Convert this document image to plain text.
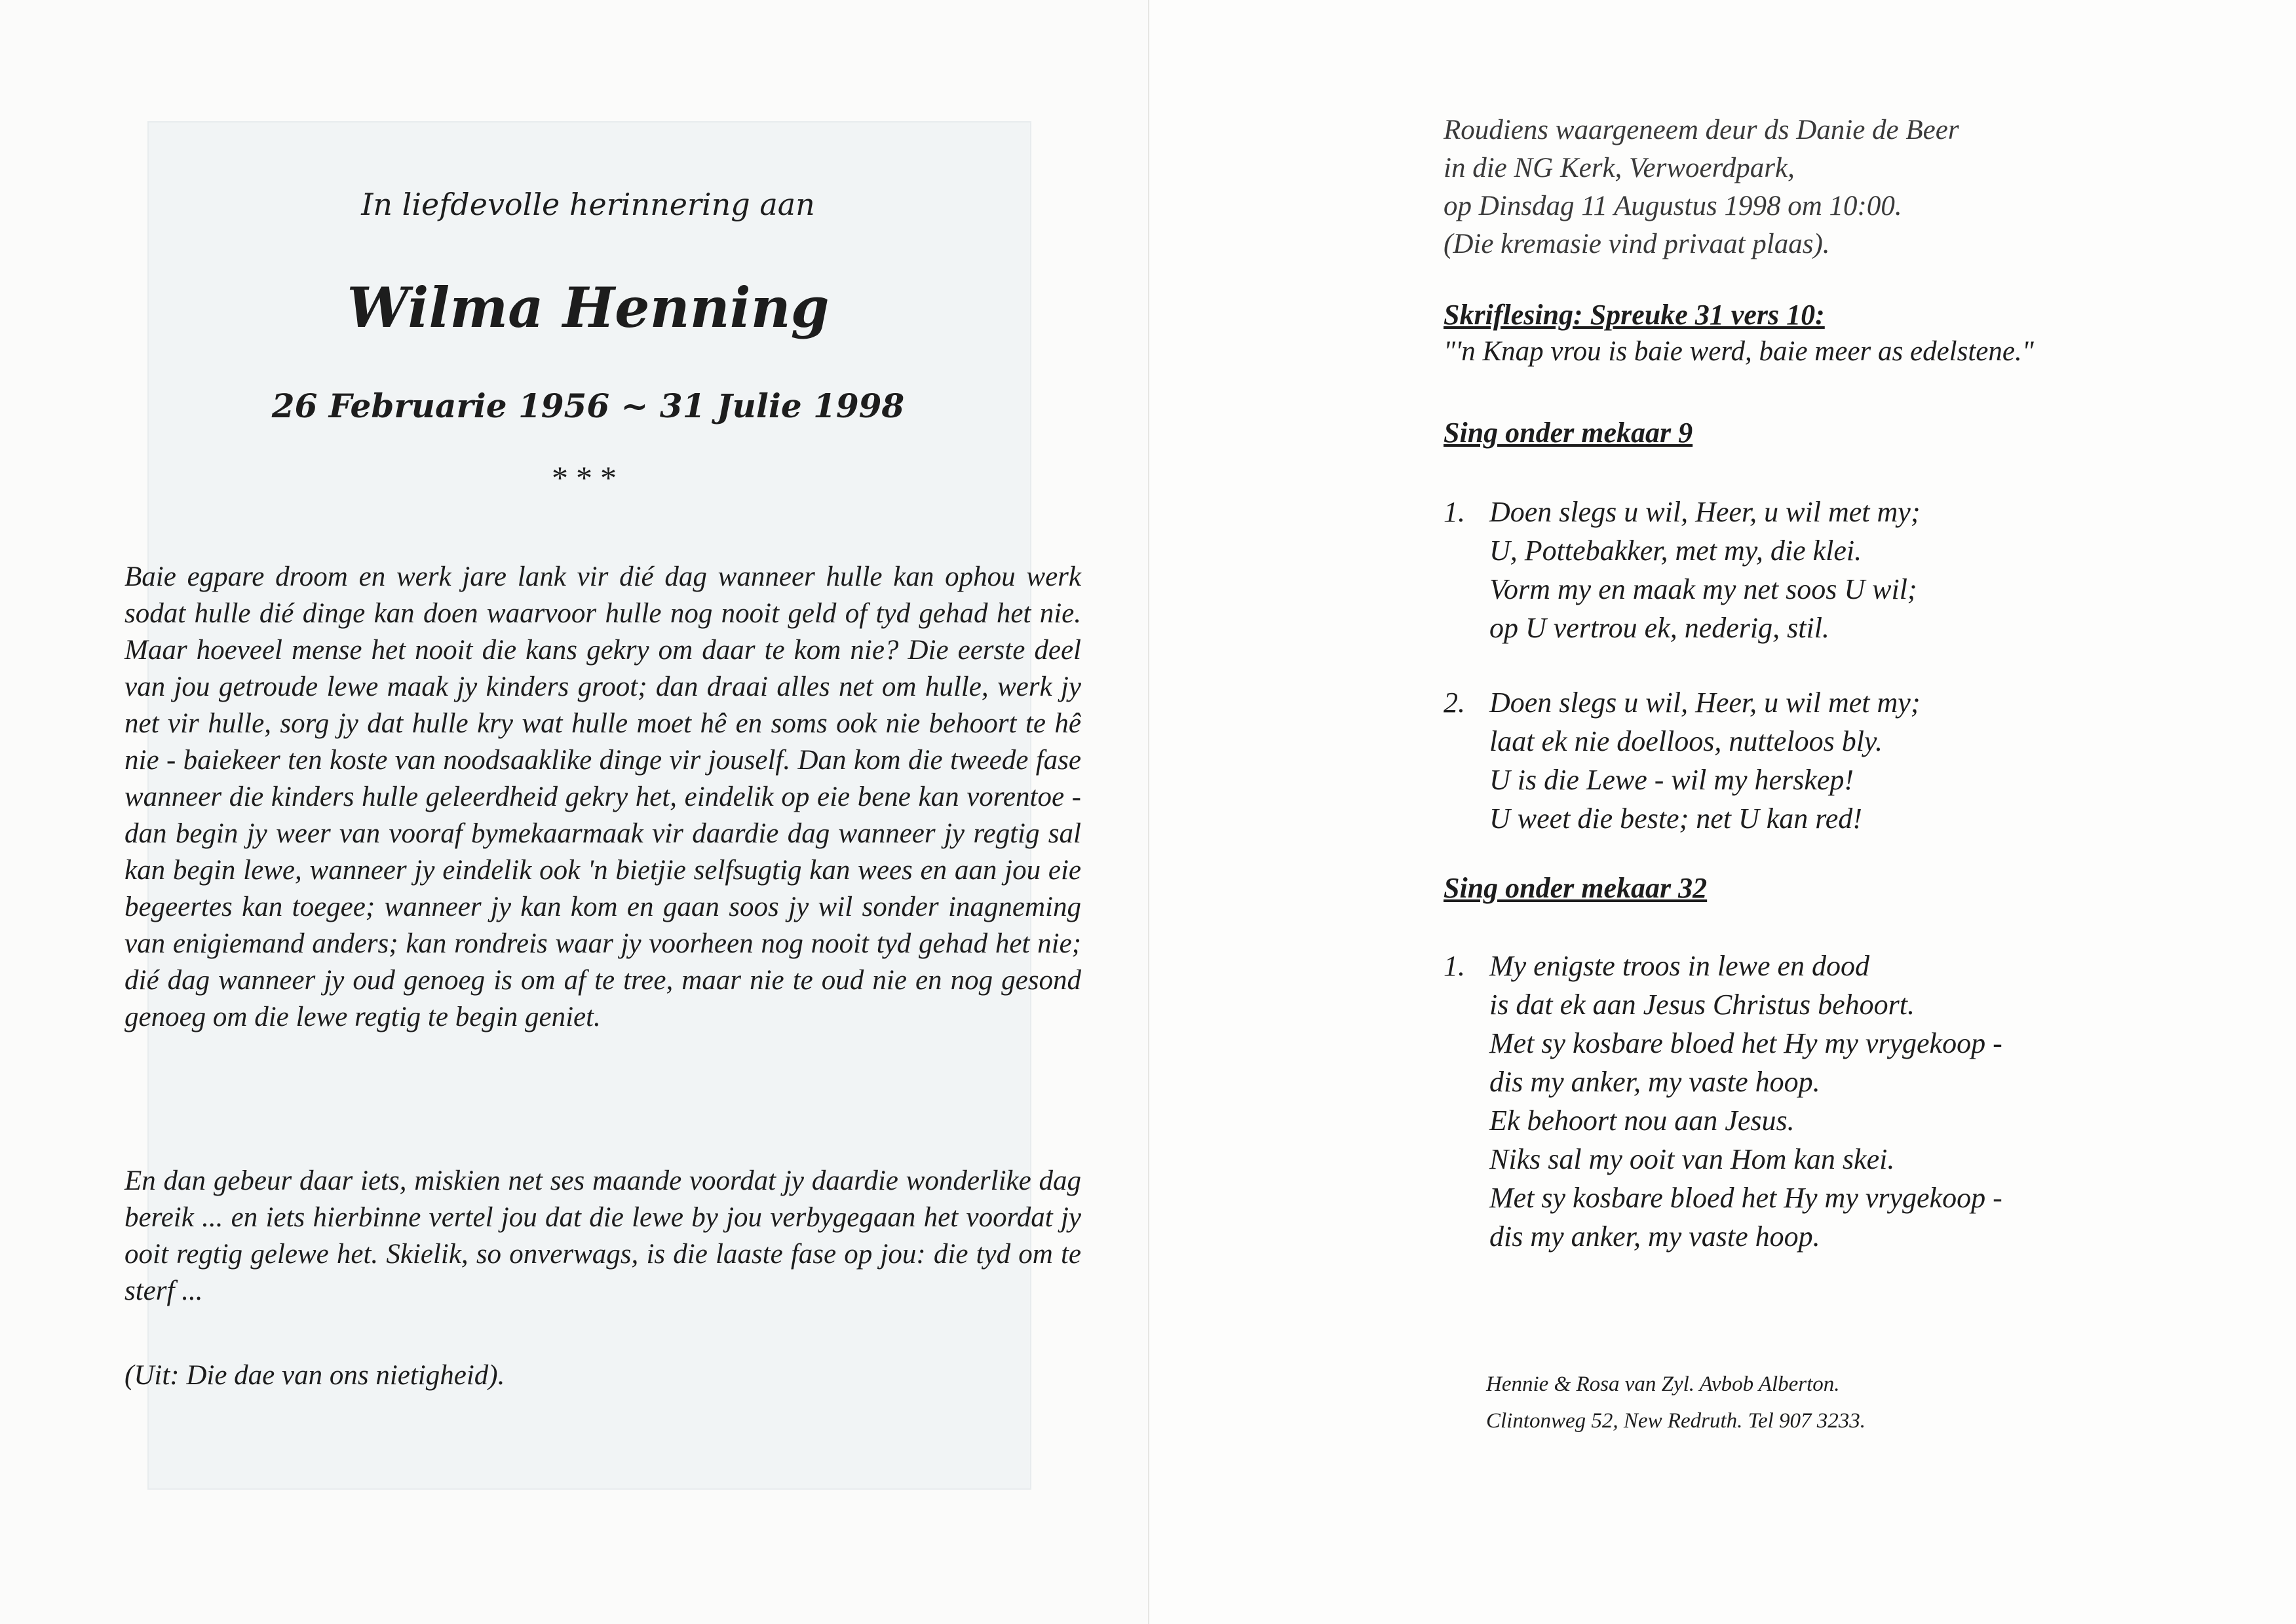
In liefdevolle herinnering aan
Wilma Henning
26 Februarie 1956 ~ 31 Julie 1998
***

Baie egpare droom en werk jare lank vir dié dag wanneer hulle kan ophou werk sodat hulle dié dinge kan doen waarvoor hulle nog nooit geld of tyd gehad het nie. Maar hoeveel mense het nooit die kans gekry om daar te kom nie? Die eerste deel van jou getroude lewe maak jy kinders groot; dan draai alles net om hulle, werk jy net vir hulle, sorg jy dat hulle kry wat hulle moet hê en soms ook nie behoort te hê nie - baiekeer ten koste van noodsaaklike dinge vir jouself. Dan kom die tweede fase wanneer die kinders hulle geleerdheid gekry het, eindelik op eie bene kan vorentoe - dan begin jy weer van vooraf bymekaarmaak vir daardie dag wanneer jy regtig sal kan begin lewe, wanneer jy eindelik ook 'n bietjie selfsugtig kan wees en aan jou eie begeertes kan toegee; wanneer jy kan kom en gaan soos jy wil sonder inagneming van enigiemand anders; kan rondreis waar jy voorheen nog nooit tyd gehad het nie; dié dag wanneer jy oud genoeg is om af te tree, maar nie te oud nie en nog gesond genoeg om die lewe regtig te begin geniet.

En dan gebeur daar iets, miskien net ses maande voordat jy daardie wonderlike dag bereik ... en iets hierbinne vertel jou dat die lewe by jou verbygegaan het voordat jy ooit regtig gelewe het. Skielik, so onverwags, is die laaste fase op jou: die tyd om te sterf ...

(Uit: Die dae van ons nietigheid).

Roudiens waargeneem deur ds Danie de Beer
in die NG Kerk, Verwoerdpark,
op Dinsdag 11 Augustus 1998 om 10:00.
(Die kremasie vind privaat plaas).
Skriflesing: Spreuke 31 vers 10:
"'n Knap vrou is baie werd, baie meer as edelstene."
Sing onder mekaar 9
1. Doen slegs u wil, Heer, u wil met my;
U, Pottebakker, met my, die klei.
Vorm my en maak my net soos U wil;
op U vertrou ek, nederig, stil.
2. Doen slegs u wil, Heer, u wil met my;
laat ek nie doelloos, nutteloos bly.
U is die Lewe - wil my herskep!
U weet die beste; net U kan red!
Sing onder mekaar 32
1. My enigste troos in lewe en dood
is dat ek aan Jesus Christus behoort.
Met sy kosbare bloed het Hy my vrygekoop -
dis my anker, my vaste hoop.
Ek behoort nou aan Jesus.
Niks sal my ooit van Hom kan skei.
Met sy kosbare bloed het Hy my vrygekoop -
dis my anker, my vaste hoop.
Hennie & Rosa van Zyl. Avbob Alberton.
Clintonweg 52, New Redruth. Tel 907 3233.
